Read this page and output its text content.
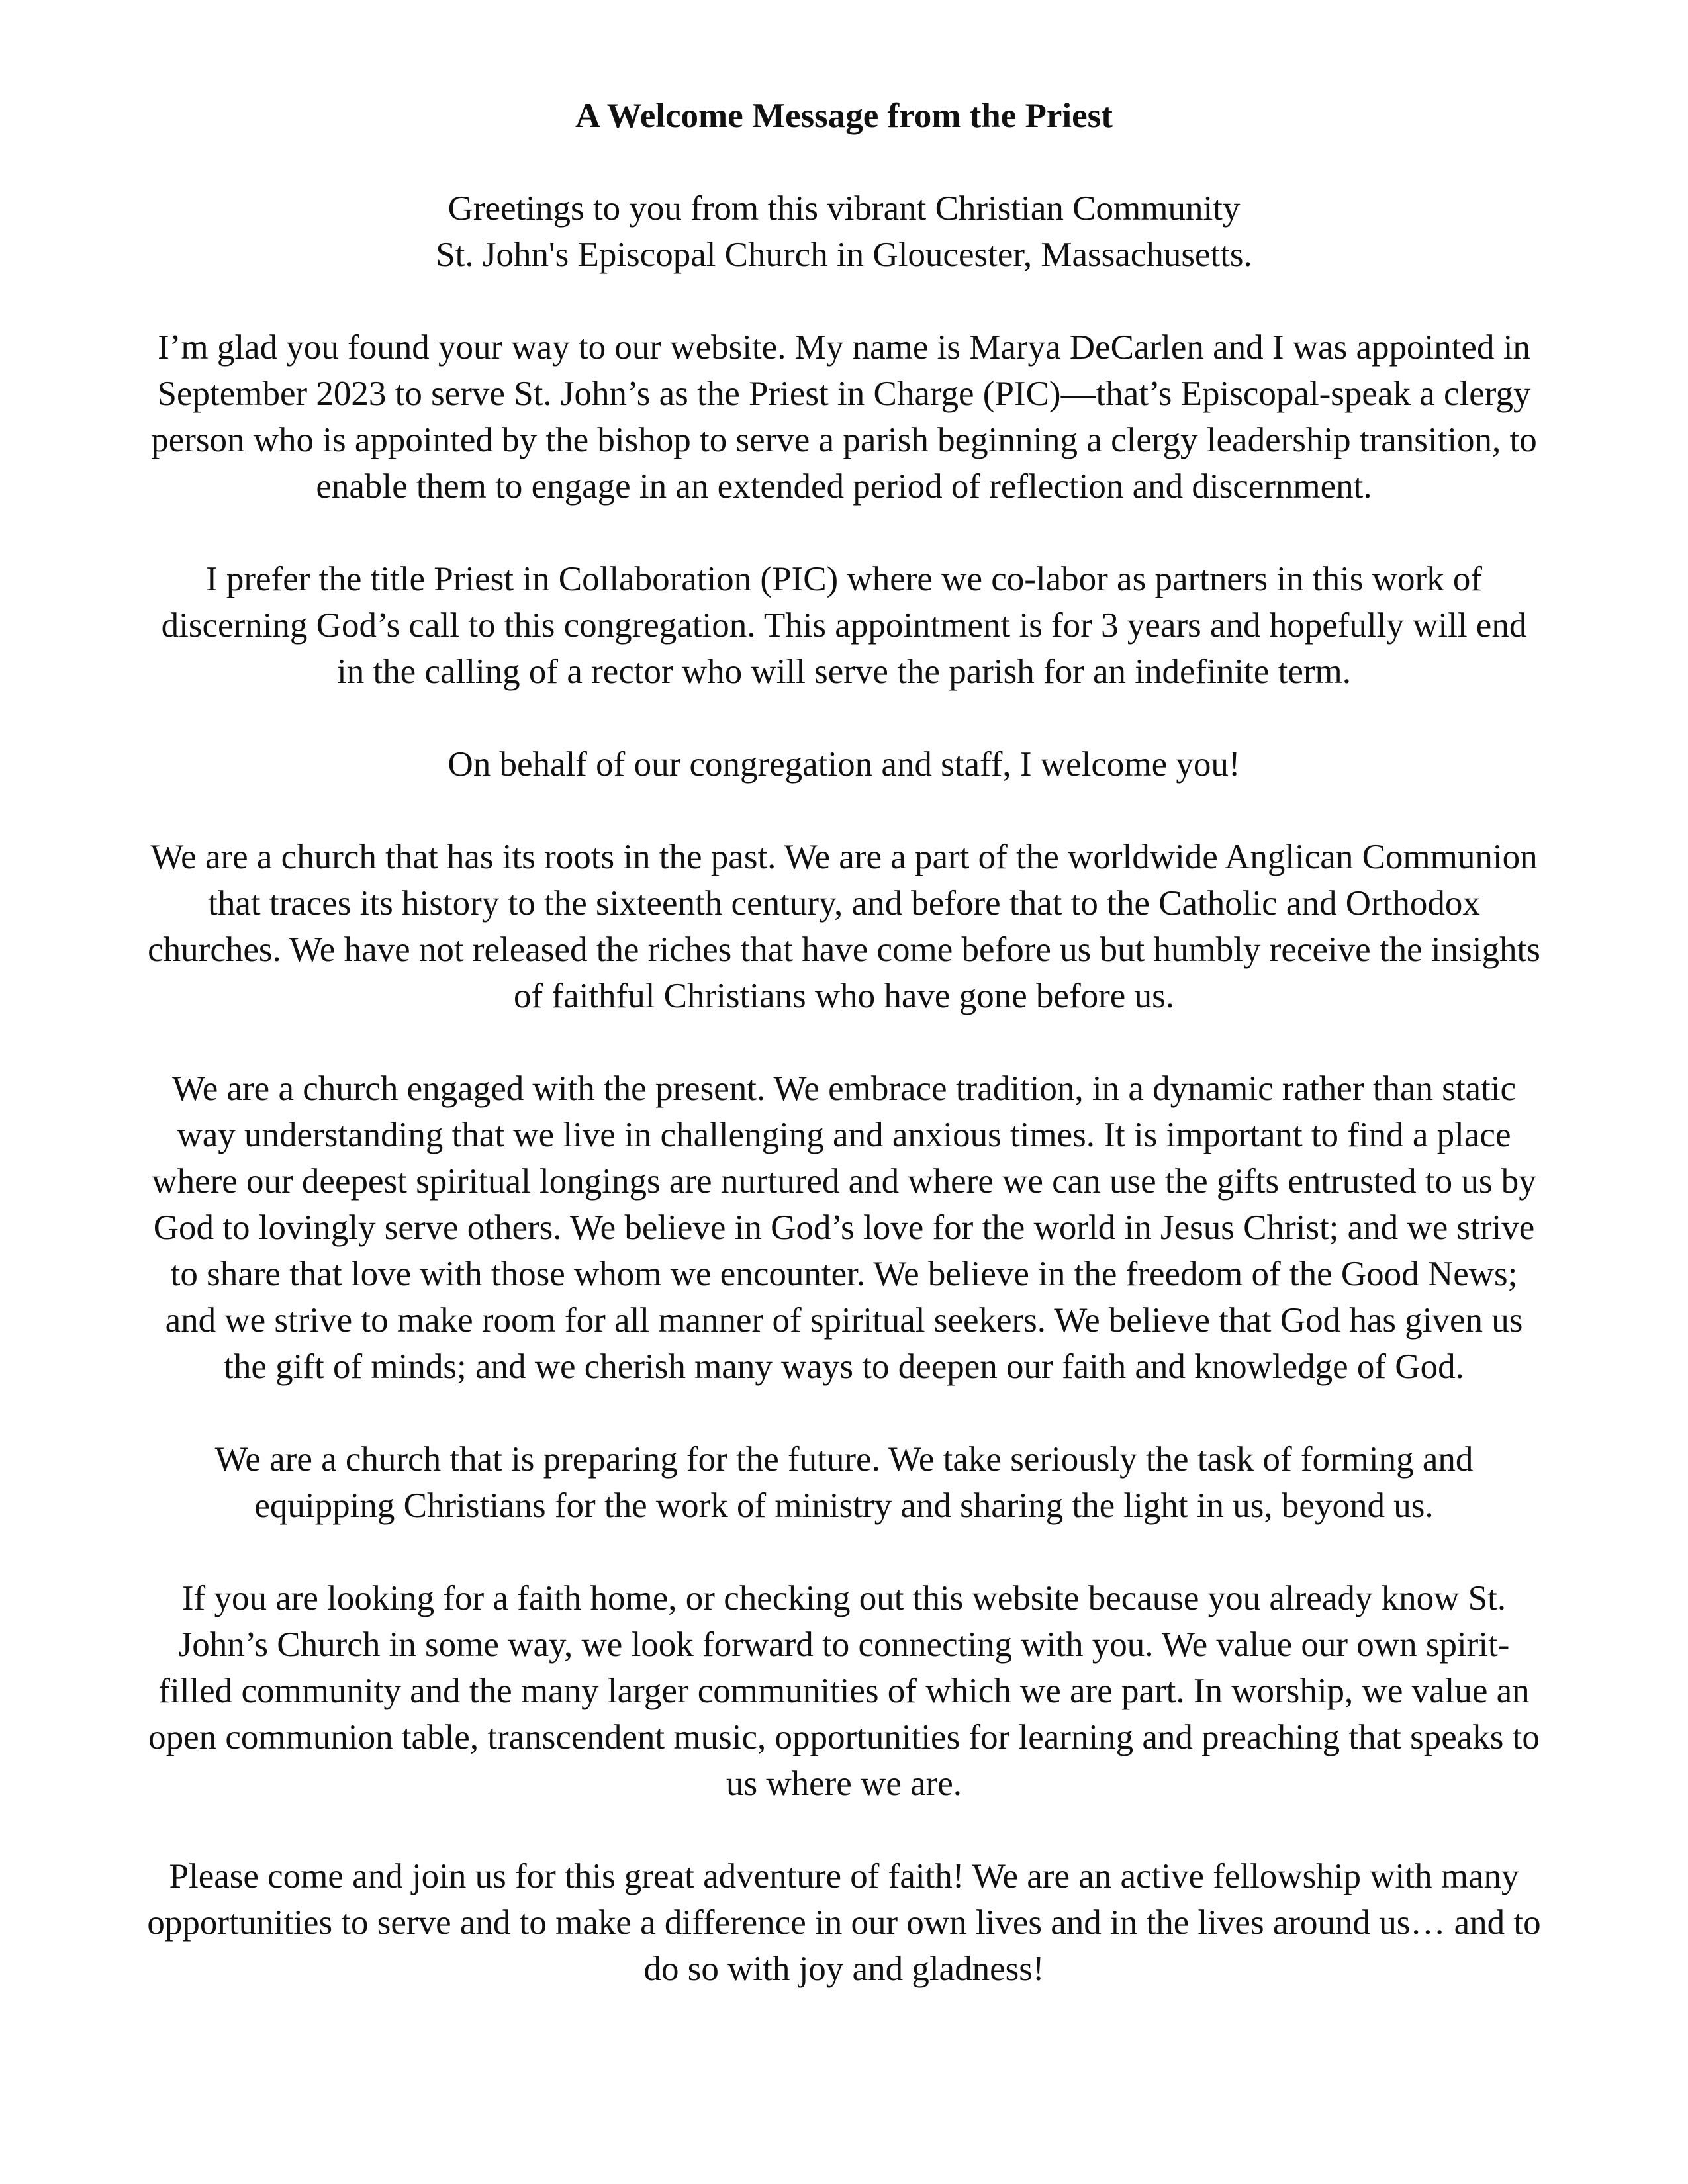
A Welcome Message from the Priest
Greetings to you from this vibrant Christian Community
St. John's Episcopal Church in Gloucester, Massachusetts.
I’m glad you found your way to our website. My name is Marya DeCarlen and I was appointed in
September 2023 to serve St. John’s as the Priest in Charge (PIC)—that’s Episcopal-speak a clergy
person who is appointed by the bishop to serve a parish beginning a clergy leadership transition, to
enable them to engage in an extended period of reflection and discernment.
I prefer the title Priest in Collaboration (PIC) where we co-labor as partners in this work of
discerning God’s call to this congregation. This appointment is for 3 years and hopefully will end
in the calling of a rector who will serve the parish for an indefinite term.
On behalf of our congregation and staff, I welcome you!
We are a church that has its roots in the past. We are a part of the worldwide Anglican Communion
that traces its history to the sixteenth century, and before that to the Catholic and Orthodox
churches. We have not released the riches that have come before us but humbly receive the insights
of faithful Christians who have gone before us.
We are a church engaged with the present. We embrace tradition, in a dynamic rather than static
way understanding that we live in challenging and anxious times. It is important to find a place
where our deepest spiritual longings are nurtured and where we can use the gifts entrusted to us by
God to lovingly serve others. We believe in God’s love for the world in Jesus Christ; and we strive
to share that love with those whom we encounter. We believe in the freedom of the Good News;
and we strive to make room for all manner of spiritual seekers. We believe that God has given us
the gift of minds; and we cherish many ways to deepen our faith and knowledge of God.
We are a church that is preparing for the future. We take seriously the task of forming and
equipping Christians for the work of ministry and sharing the light in us, beyond us.
If you are looking for a faith home, or checking out this website because you already know St.
John’s Church in some way, we look forward to connecting with you. We value our own spirit-
filled community and the many larger communities of which we are part. In worship, we value an
open communion table, transcendent music, opportunities for learning and preaching that speaks to
us where we are.
Please come and join us for this great adventure of faith! We are an active fellowship with many
opportunities to serve and to make a difference in our own lives and in the lives around us… and to
do so with joy and gladness!
